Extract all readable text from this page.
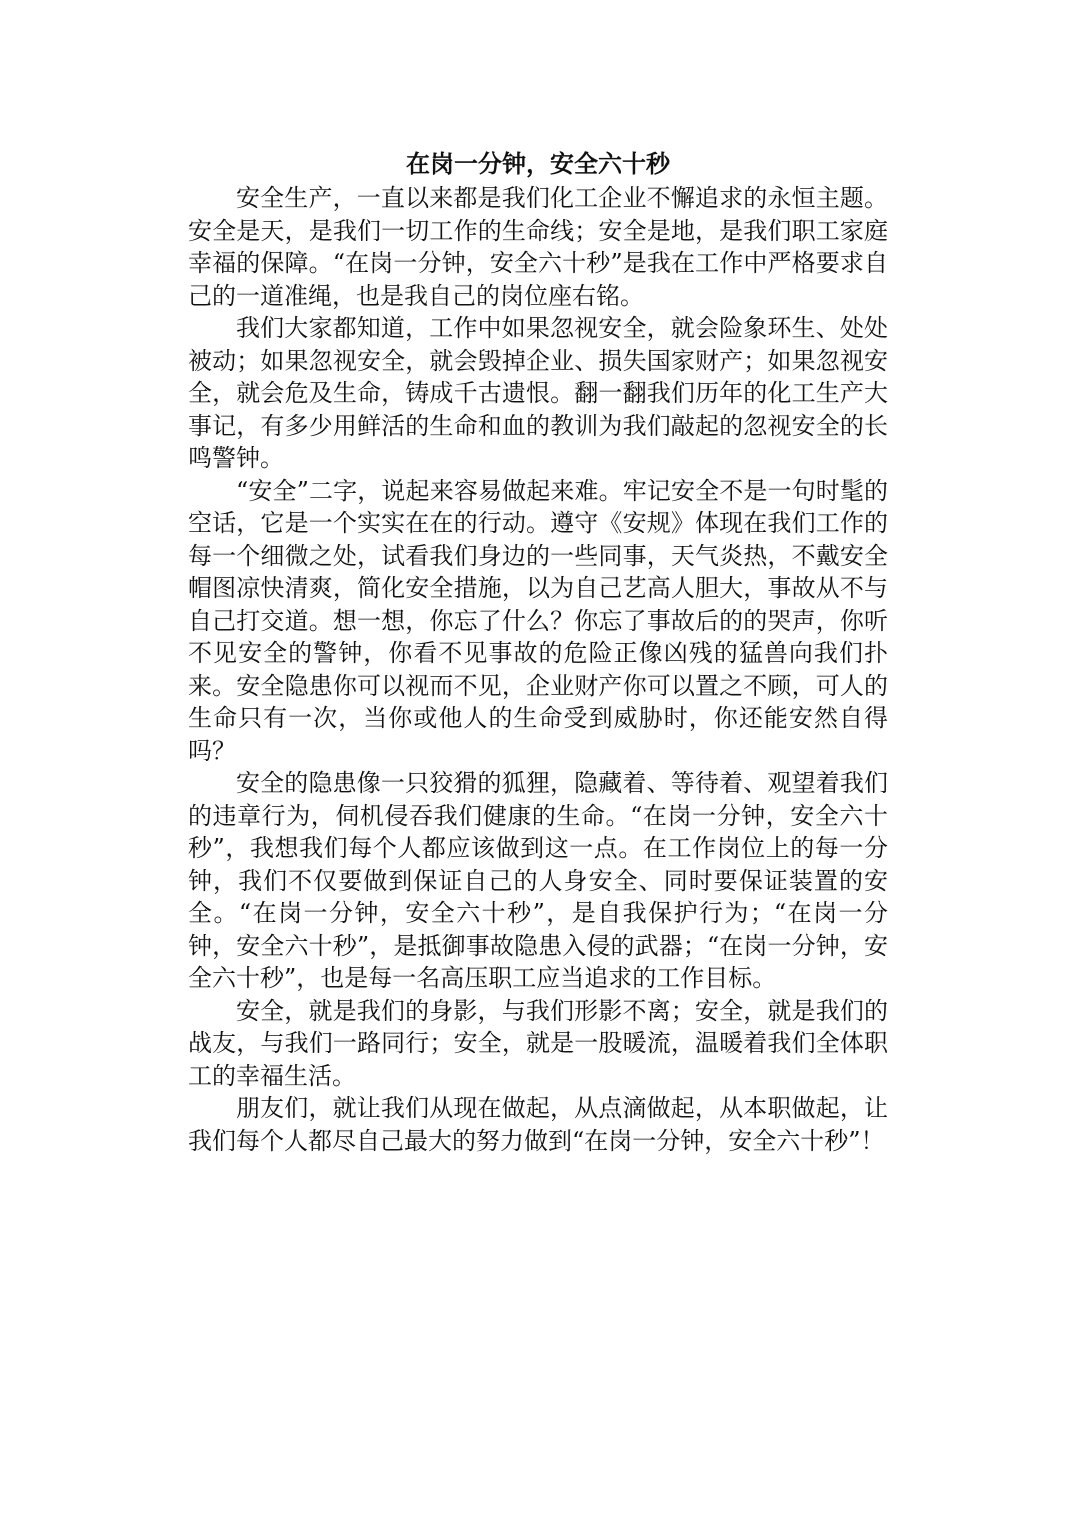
在岗一分钟，安全六十秒

安全生产，一直以来都是我们化工企业不懈追求的永恒主题。安全是天，是我们一切工作的生命线；安全是地，是我们职工家庭幸福的保障。“在岗一分钟，安全六十秒”是我在工作中严格要求自己的一道准绳，也是我自己的岗位座右铭。

我们大家都知道，工作中如果忽视安全，就会险象环生、处处被动；如果忽视安全，就会毁掉企业、损失国家财产；如果忽视安全，就会危及生命，铸成千古遗恨。翻一翻我们历年的化工生产大事记，有多少用鲜活的生命和血的教训为我们敲起的忽视安全的长鸣警钟。

“安全”二字，说起来容易做起来难。牢记安全不是一句时髦的空话，它是一个实实在在的行动。遵守《安规》体现在我们工作的每一个细微之处，试看我们身边的一些同事，天气炎热，不戴安全帽图凉快清爽，简化安全措施，以为自己艺高人胆大，事故从不与自己打交道。想一想，你忘了什么？你忘了事故后的的哭声，你听不见安全的警钟，你看不见事故的危险正像凶残的猛兽向我们扑来。安全隐患你可以视而不见，企业财产你可以置之不顾，可人的生命只有一次，当你或他人的生命受到威胁时，你还能安然自得吗？

安全的隐患像一只狡猾的狐狸，隐藏着、等待着、观望着我们的违章行为，伺机侵吞我们健康的生命。“在岗一分钟，安全六十秒”，我想我们每个人都应该做到这一点。在工作岗位上的每一分钟，我们不仅要做到保证自己的人身安全、同时要保证装置的安全。“在岗一分钟，安全六十秒”，是自我保护行为；“在岗一分钟，安全六十秒”，是抵御事故隐患入侵的武器；“在岗一分钟，安全六十秒”，也是每一名高压职工应当追求的工作目标。

安全，就是我们的身影，与我们形影不离；安全，就是我们的战友，与我们一路同行；安全，就是一股暖流，温暖着我们全体职工的幸福生活。

朋友们，就让我们从现在做起，从点滴做起，从本职做起，让我们每个人都尽自己最大的努力做到“在岗一分钟，安全六十秒”！
